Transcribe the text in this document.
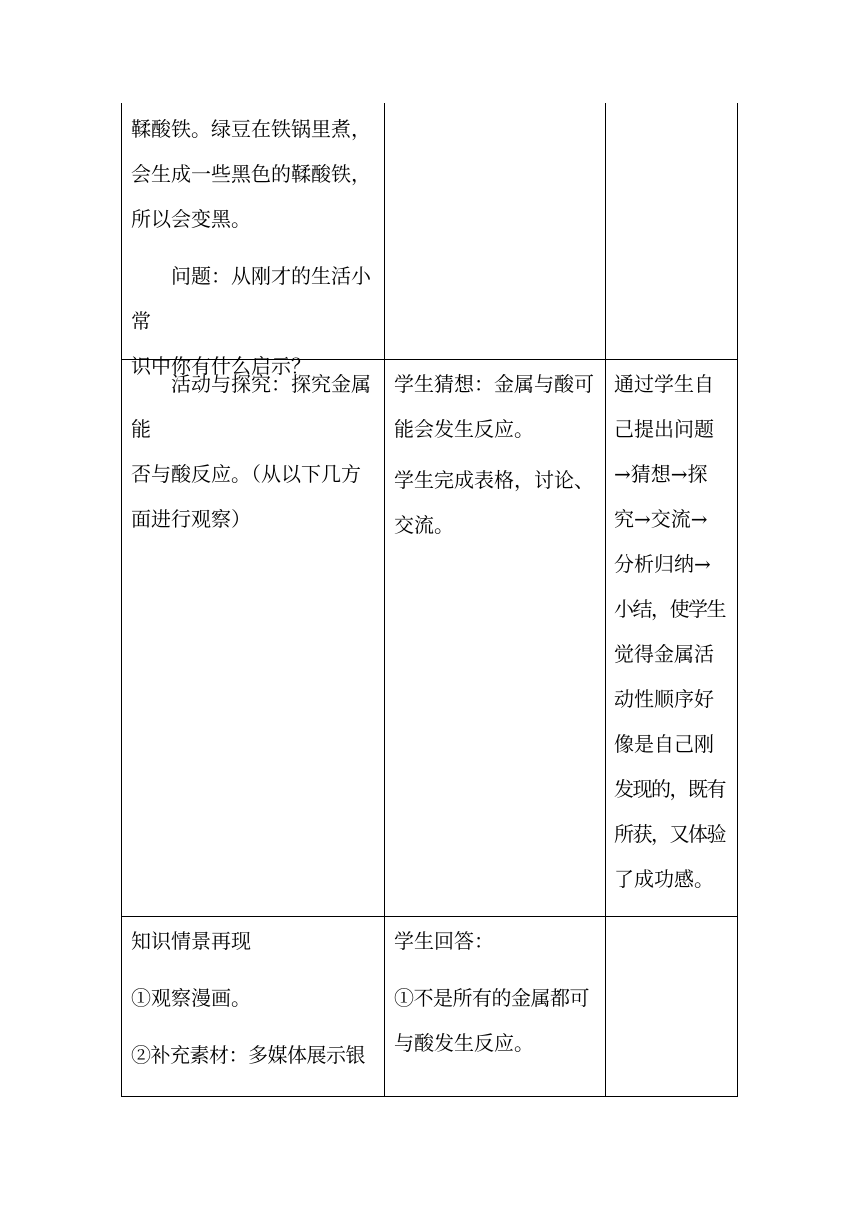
鞣酸铁。绿豆在铁锅里煮，
会生成一些黑色的鞣酸铁，
所以会变黑。
问题：从刚才的生活小常
识中你有什么启示？
活动与探究：探究金属能
否与酸反应。（从以下几方
面进行观察）
学生猜想：金属与酸可
能会发生反应。
学生完成表格，讨论、
交流。
通过学生自
己提出问题
→猜想→探
究→交流→
分析归纳→
小结，使学生
觉得金属活
动性顺序好
像是自己刚
发现的，既有
所获，又体验
了成功感。
知识情景再现
①观察漫画。
②补充素材：多媒体展示银
学生回答：
①不是所有的金属都可
与酸发生反应。
